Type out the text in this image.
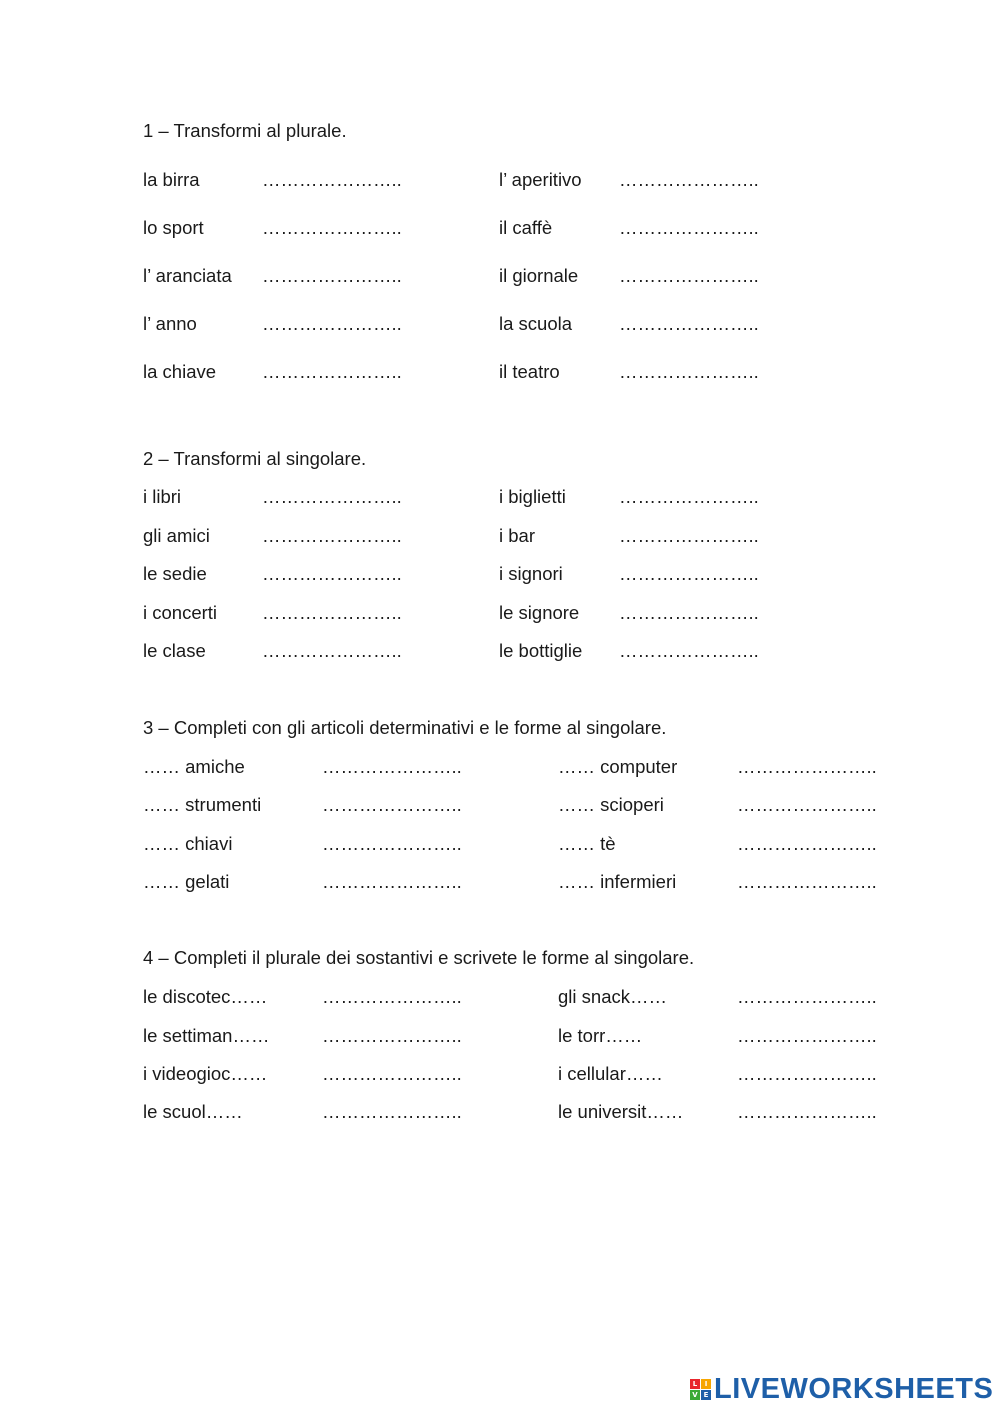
1 – Transformi al plurale.
la birra	…………………..	l’ aperitivo …………………..
lo sport	…………………..	il caffè	…………………..
l’ aranciata …………………..	il giornale …………………..
l’ anno	…………………..	la scuola	…………………..
la chiave …………………..	il teatro	…………………..
2 – Transformi al singolare.
i libri	…………………..	i biglietti	…………………..
gli amici	…………………..	i bar	…………………..
le sedie	…………………..	i signori	…………………..
i concerti …………………..	le signore …………………..
le clase	…………………..	le bottiglie …………………..
3 – Completi con gli articoli determinativi e le forme al singolare.
…… amiche	…………………..	…… computer	…………………..
…… strumenti	…………………..	…… scioperi	…………………..
…… chiavi	…………………..	…… tè	…………………..
…… gelati	…………………..	…… infermieri	…………………..
4 – Completi il plurale dei sostantivi e scrivete le forme al singolare.
le discotec……	…………………..	gli snack……	…………………..
le settiman……	…………………..	le torr……	…………………..
i videogioc……	…………………..	i cellular……	…………………..
le scuol……	…………………..	le universit……	…………………..
L	I
V E LIVEWORKSHEETS
